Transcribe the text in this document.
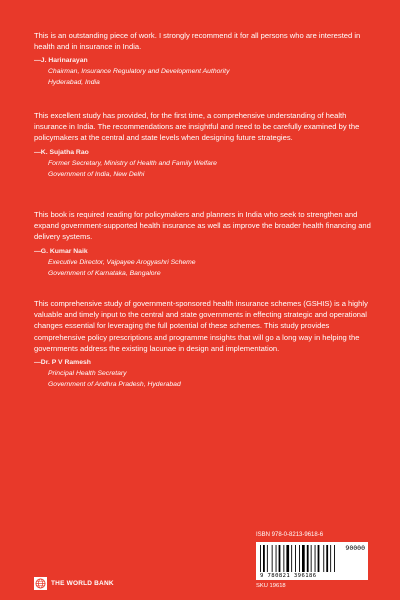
This is an outstanding piece of work. I strongly recommend it for all persons who are interested in health and in insurance in India.

—J. Harinarayan

Chairman, Insurance Regulatory and Development Authority

Hyderabad, India

This excellent study has provided, for the first time, a comprehensive understanding of health insurance in India. The recommendations are insightful and need to be carefully examined by the policymakers at the central and state levels when designing future strategies.

—K. Sujatha Rao

Former Secretary, Ministry of Health and Family Welfare

Government of India, New Delhi

This book is required reading for policymakers and planners in India who seek to strengthen and expand government-supported health insurance as well as improve the broader health financing and delivery systems.

—G. Kumar Naik

Executive Director, Vajpayee Arogyashri Scheme

Government of Karnataka, Bangalore

This comprehensive study of government-sponsored health insurance schemes (GSHIS) is a highly valuable and timely input to the central and state governments in effecting strategic and operational changes essential for leveraging the full potential of these schemes. This study provides comprehensive policy prescriptions and programme insights that will go a long way in helping the governments address the existing lacunae in design and implementation.

—Dr. P V Ramesh

Principal Health Secretary

Government of Andhra Pradesh, Hyderabad

ISBN 978-0-8213-9618-6
90000
9 780821 396186
SKU 19618
THE WORLD BANK
